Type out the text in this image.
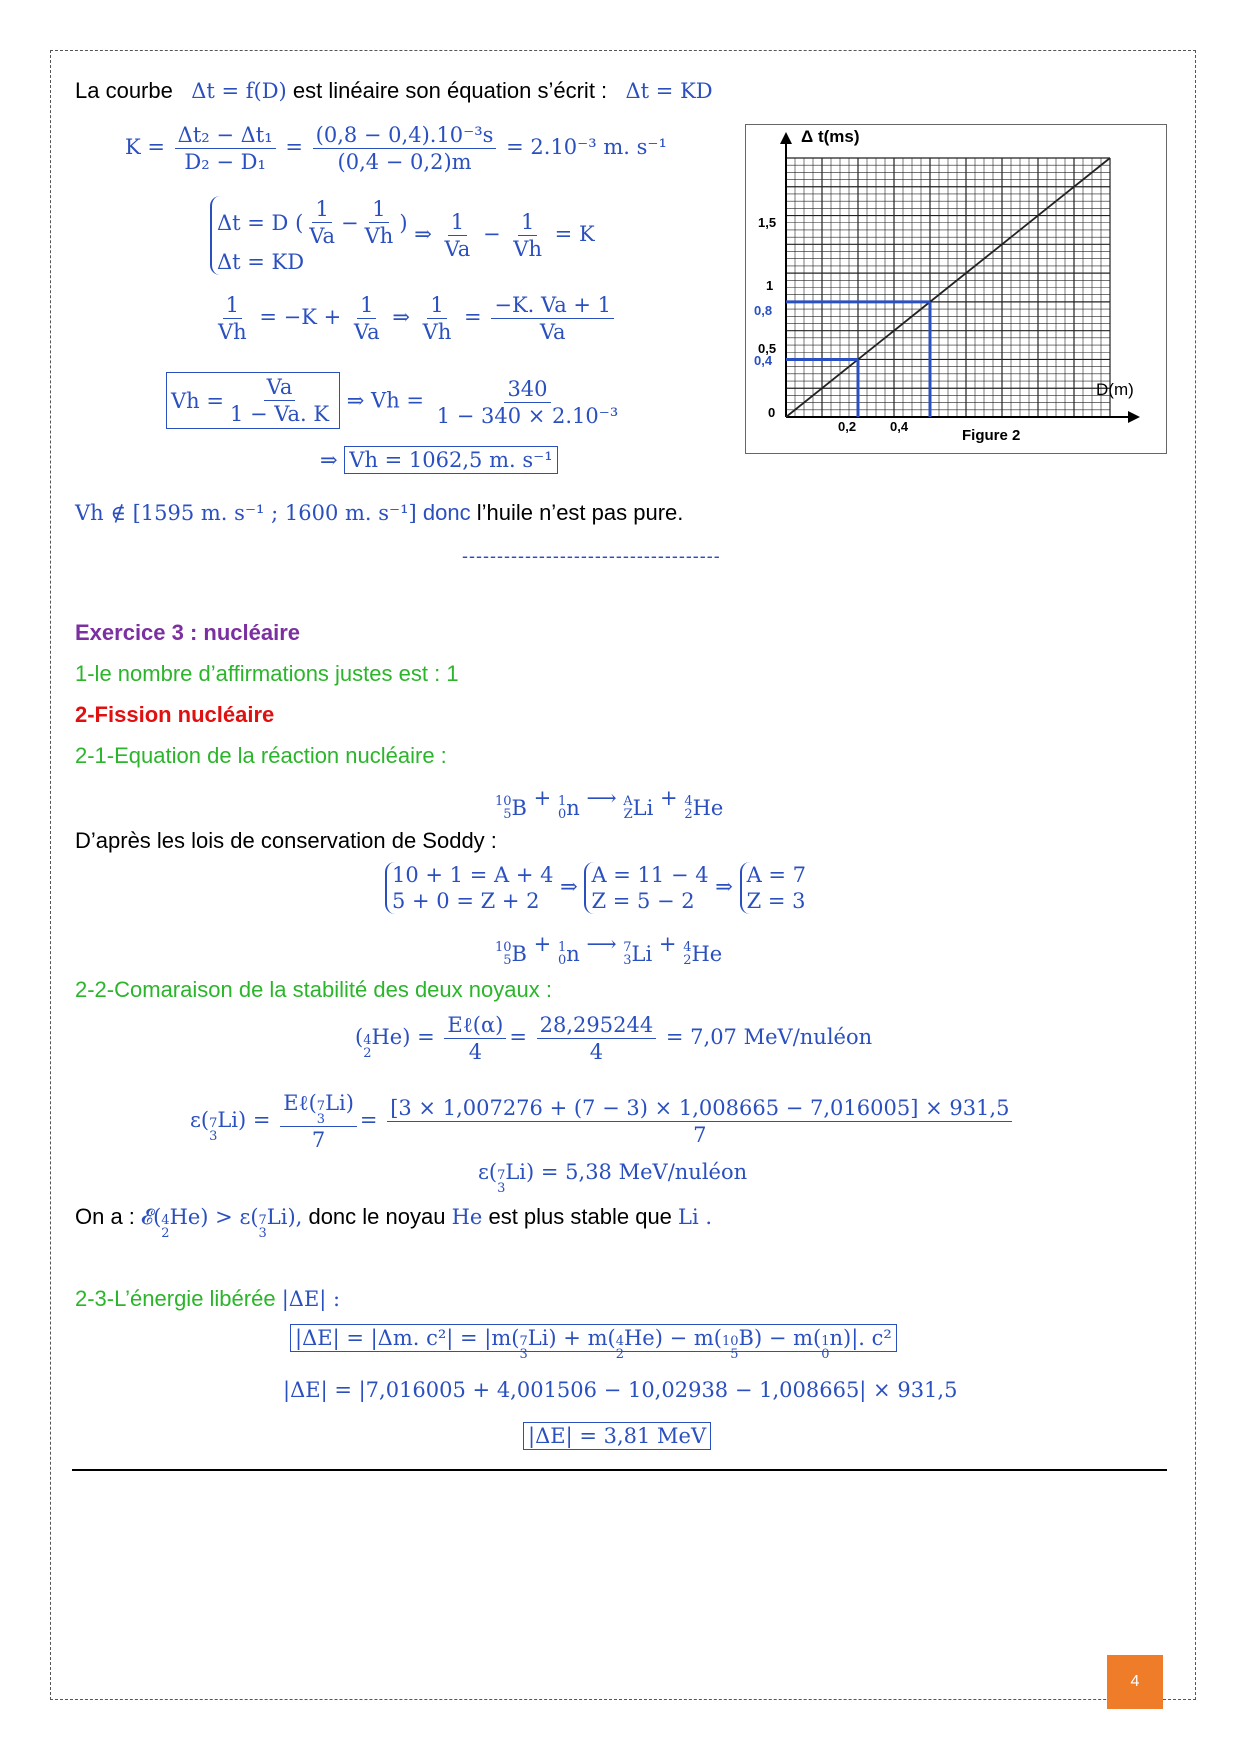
La courbe Δt = f(D) est linéaire son équation s’écrit : Δt = KD
$K = \frac{\text{Δt₂ − Δt₁}}{\text{D₂ − D₁}} = \frac{\text{(0,8 − 0,4).10⁻³s}}{(0,4 - 0,2)m} = 2.10^{-3}$ m. s⁻¹
Δt = D ( $\frac{1}{Va} - \frac{1}{Vh}$ )
Δt = KD
⇒ $\frac{1}{Va} - \frac{1}{Vh} = K$
$\frac{1}{Vh} = -K + \frac{1}{Va}$ ⇒ $\frac{1}{Vh} = \frac{-K. Va + 1}{Va}$
$Vh = \frac{Va}{1 - Va. K}$ ⇒ $Vh = \frac{340}{\text{1 − 340 × 2.10⁻³}}$
⇒ Vh = 1062,5 m. s⁻¹
Vh ∉ [1595 m. s⁻¹ ; 1600 m. s⁻¹] donc l’huile n’est pas pure.
-------------------------------------
Δ t(ms)
D(m)
Figure 2
1,5
1
0,5
0,8
0,4
0
0,2	0,4
Exercice 3 : nucléaire
1-le nombre d’affirmations justes est : 1
2-Fission nucléaire
2-1-Equation de la réaction nucléaire :
10
5 B + 1
0 n ⟶ A
Z Li + 4
2 He
D’après les lois de conservation de Soddy :
10 + 1 = A + 4
5 + 0 = Z + 2
⇒ A = 11 − 4
Z = 5 − 2
⇒ A = 7
Z = 3
10
5 B + 1
0 n ⟶ 7
3 Li + 4
2 He
2-2-Comaraison de la stabilité des deux noyaux :
( 4
2
$He) = \frac{\text{Eℓ(α)}}{4} = \frac{28,295244}{4} = 7,07$ MeV/nuléon
ε( 7
3
Li) = Eℓ( 7
3
Li)
$7 = \frac{[3 \times 1,007276 + (7 - 3) \times 1,008665 - 7,016005] \times 931,5}{7}$
ε( 7
3
Li) = 5,38 MeV/nuléon
On a : 𝓔( 4
2
He) > ε( 7
3
Li), donc le noyau He est plus stable que Li .
2-3-L’énergie libérée |ΔE| :
|ΔE| = |Δm. c²| = |m( 7
3
Li) + m( 4
2
He) − m( 10
5
B) − m( 1
0
n)|. c²
|ΔE| = |7,016005 + 4,001506 − 10,02938 − 1,008665| × 931,5
|ΔE| = 3,81 MeV
4
